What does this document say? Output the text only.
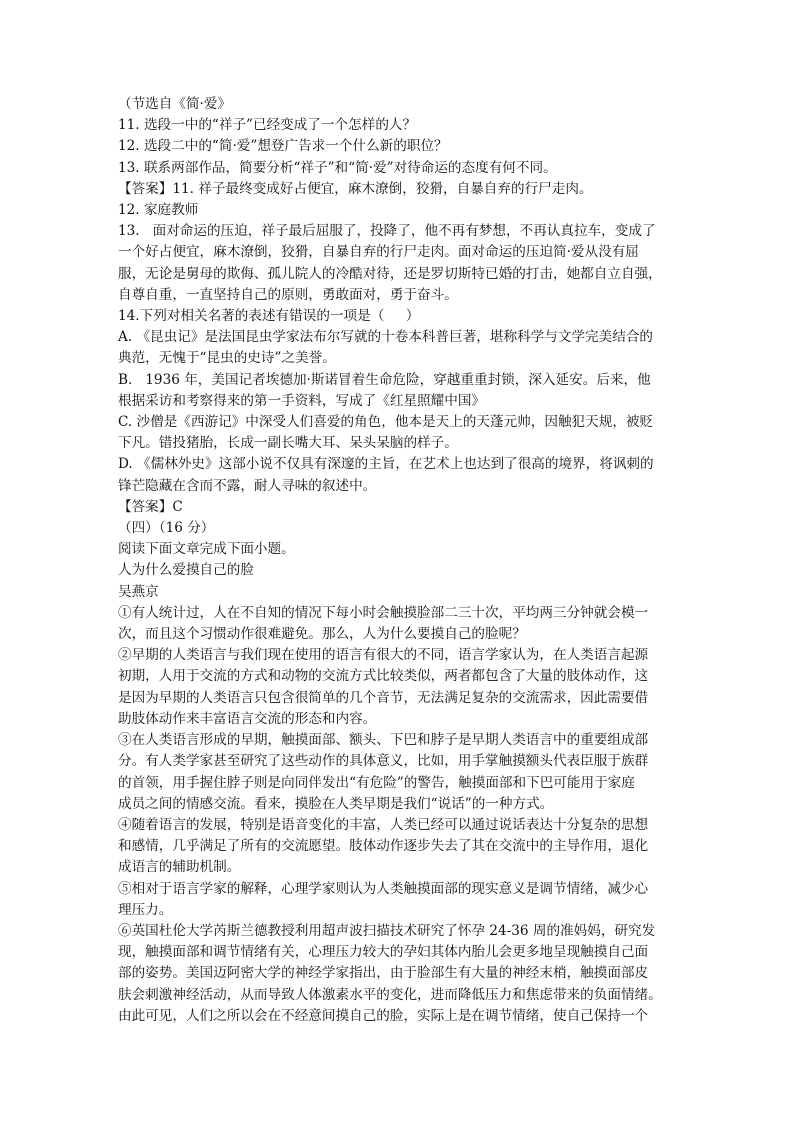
（节选自《简·爱》
11. 选段一中的“祥子”已经变成了一个怎样的人？
12. 选段二中的“简·爱”想登广告求一个什么新的职位？
13. 联系两部作品，简要分析“祥子”和“简·爱”对待命运的态度有何不同。
【答案】11. 祥子最终变成好占便宜，麻木潦倒，狡猾，自暴自弃的行尸走肉。
12. 家庭教师
13.   面对命运的压迫，祥子最后屈服了，投降了，他不再有梦想，不再认真拉车，变成了
一个好占便宜，麻木潦倒，狡猾，自暴自弃的行尸走肉。面对命运的压迫简·爱从没有屈
服，无论是舅母的欺侮、孤儿院人的冷酷对待，还是罗切斯特已婚的打击，她都自立自强，
自尊自重，一直坚持自己的原则，勇敢面对，勇于奋斗。
14.下列对相关名著的表述有错误的一项是（     ）
A. 《昆虫记》是法国昆虫学家法布尔写就的十卷本科普巨著，堪称科学与文学完美结合的
典范，无愧于“昆虫的史诗”之美誉。
B.   1936 年，美国记者埃德加·斯诺冒着生命危险，穿越重重封锁，深入延安。后来，他
根据采访和考察得来的第一手资料，写成了《红星照耀中国》
C. 沙僧是《西游记》中深受人们喜爱的角色，他本是天上的天蓬元帅，因触犯天规，被贬
下凡。错投猪胎，长成一副长嘴大耳、呆头呆脑的样子。
D. 《儒林外史》这部小说不仅具有深邃的主旨，在艺术上也达到了很高的境界，将讽刺的
锋芒隐藏在含而不露，耐人寻味的叙述中。
【答案】C
（四）（16 分）
阅读下面文章完成下面小题。
人为什么爱摸自己的脸
吴燕京
①有人统计过，人在不自知的情况下每小时会触摸脸部二三十次，平均两三分钟就会模一
次，而且这个习惯动作很难避免。那么，人为什么要摸自己的脸呢？
②早期的人类语言与我们现在使用的语言有很大的不同，语言学家认为，在人类语言起源
初期，人用于交流的方式和动物的交流方式比较类似，两者都包含了大量的肢体动作，这
是因为早期的人类语言只包含很简单的几个音节，无法满足复杂的交流需求，因此需要借
助肢体动作来丰富语言交流的形态和内容。
③在人类语言形成的早期，触摸面部、额头、下巴和脖子是早期人类语言中的重要组成部
分。有人类学家甚至研究了这些动作的具体意义，比如，用手掌触摸额头代表臣服于族群
的首领，用手握住脖子则是向同伴发出“有危险”的警告，触摸面部和下巴可能用于家庭
成员之间的情感交流。看来，摸脸在人类早期是我们“说话”的一种方式。
④随着语言的发展，特别是语音变化的丰富，人类已经可以通过说话表达十分复杂的思想
和感情，几乎满足了所有的交流愿望。肢体动作逐步失去了其在交流中的主导作用，退化
成语言的辅助机制。
⑤相对于语言学家的解释，心理学家则认为人类触摸面部的现实意义是调节情绪，减少心
理压力。
⑥英国杜伦大学芮斯兰德教授利用超声波扫描技术研究了怀孕 24-36 周的准妈妈，研究发
现，触摸面部和调节情绪有关，心理压力较大的孕妇其体内胎儿会更多地呈现触摸自己面
部的姿势。美国迈阿密大学的神经学家指出，由于脸部生有大量的神经末梢，触摸面部皮
肤会刺激神经活动，从而导致人体激素水平的变化，进而降低压力和焦虑带来的负面情绪。
由此可见，人们之所以会在不经意间摸自己的脸，实际上是在调节情绪，使自己保持一个
